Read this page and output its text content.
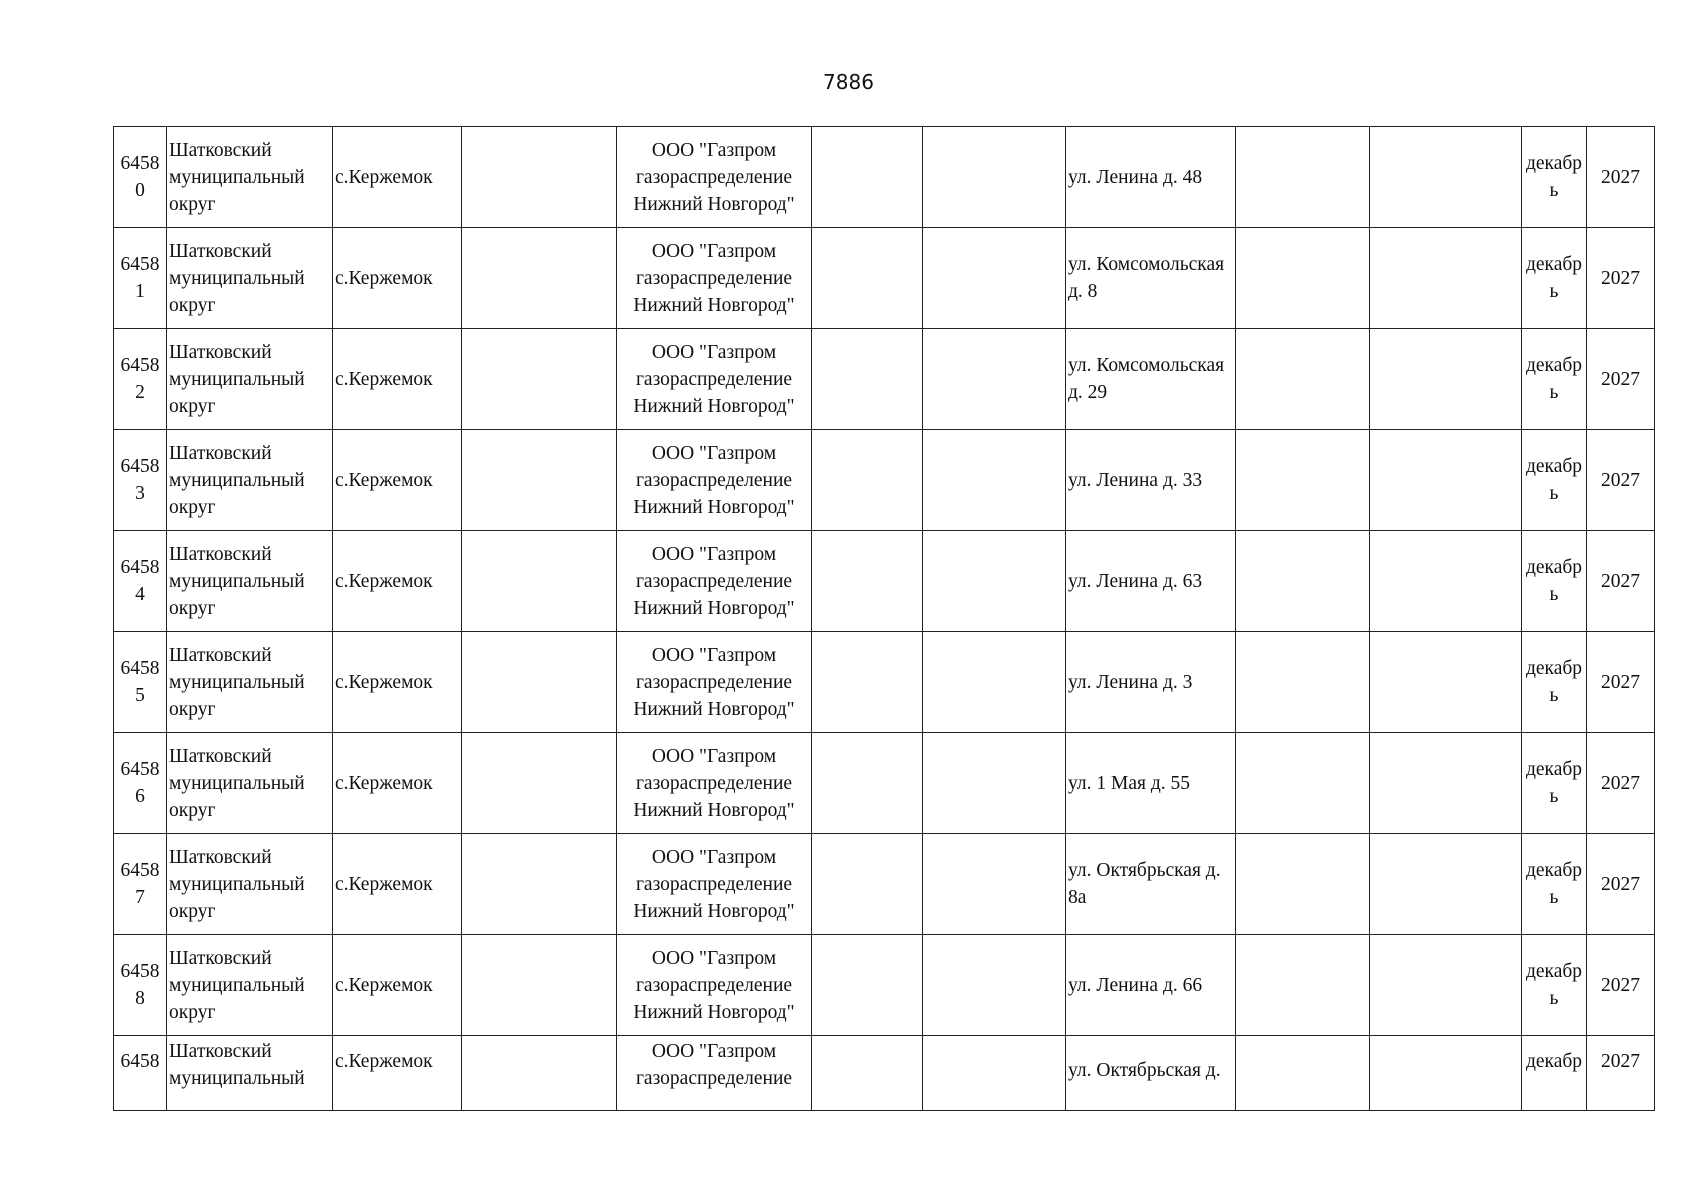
7886
6458
0	Шатковский
муниципальный
округ	с.Кержемок		ООО "Газпром
газораспределение
Нижний Новгород"			ул. Ленина д. 48			декабр
ь	2027

6458
1	Шатковский
муниципальный
округ	с.Кержемок		ООО "Газпром
газораспределение
Нижний Новгород"			ул. Комсомольская
д. 8			декабр
ь	2027

6458
2	Шатковский
муниципальный
округ	с.Кержемок		ООО "Газпром
газораспределение
Нижний Новгород"			ул. Комсомольская
д. 29			декабр
ь	2027

6458
3	Шатковский
муниципальный
округ	с.Кержемок		ООО "Газпром
газораспределение
Нижний Новгород"			ул. Ленина д. 33			декабр
ь	2027

6458
4	Шатковский
муниципальный
округ	с.Кержемок		ООО "Газпром
газораспределение
Нижний Новгород"			ул. Ленина д. 63			декабр
ь	2027

6458
5	Шатковский
муниципальный
округ	с.Кержемок		ООО "Газпром
газораспределение
Нижний Новгород"			ул. Ленина д. 3			декабр
ь	2027

6458
6	Шатковский
муниципальный
округ	с.Кержемок		ООО "Газпром
газораспределение
Нижний Новгород"			ул. 1 Мая д. 55			декабр
ь	2027

6458
7	Шатковский
муниципальный
округ	с.Кержемок		ООО "Газпром
газораспределение
Нижний Новгород"			ул. Октябрьская д.
8а			декабр
ь	2027

6458
8	Шатковский
муниципальный
округ	с.Кержемок		ООО "Газпром
газораспределение
Нижний Новгород"			ул. Ленина д. 66			декабр
ь	2027

6458	Шатковский
муниципальный	с.Кержемок		ООО "Газпром
газораспределение			ул. Октябрьская д.			декабр	2027
